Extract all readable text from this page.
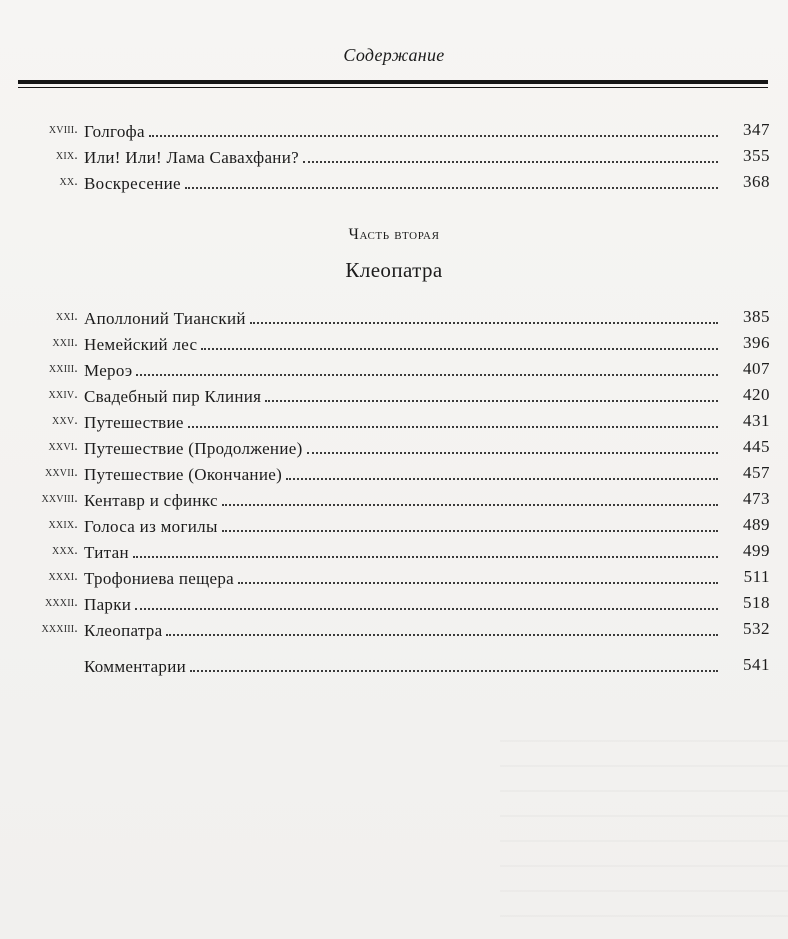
Содержание
xviii. Голгофа	347
xix. Или! Или! Лама Савахфани?	355
xx. Воскресение	368
Часть вторая
Клеопатра
xxi. Аполлоний Тианский	385
xxii. Немейский лес	396
xxiii. Мероэ	407
xxiv. Свадебный пир Клиния	420
xxv. Путешествие	431
xxvi. Путешествие (Продолжение)	445
xxvii. Путешествие (Окончание)	457
xxviii. Кентавр и сфинкс	473
xxix. Голоса из могилы	489
xxx. Титан	499
xxxi. Трофониева пещера	511
xxxii. Парки	518
xxxiii. Клеопатра	532
Комментарии	541
